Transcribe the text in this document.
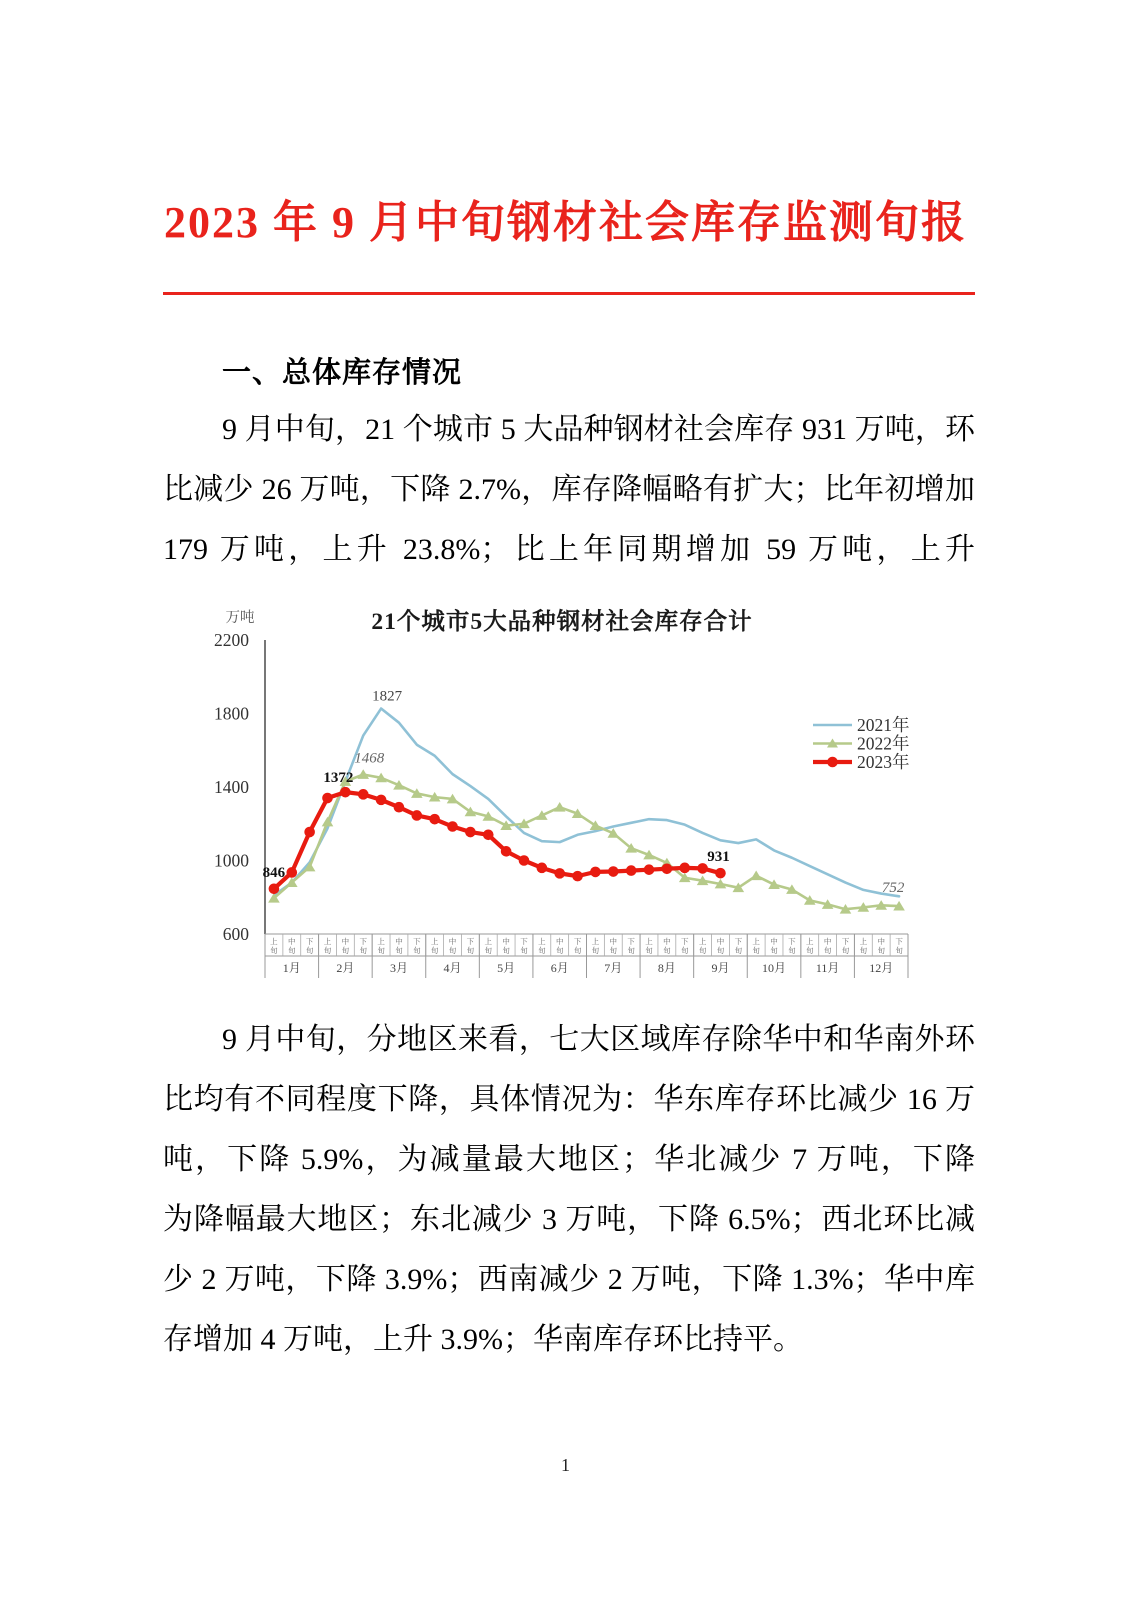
2023 年 9 月中旬钢材社会库存监测旬报
一、总体库存情况
9 月中旬，21 个城市 5 大品种钢材社会库存 931 万吨，环
比减少 26 万吨，下降 2.7%，库存降幅略有扩大；比年初增加
179 万吨，上升 23.8%；比上年同期增加 59 万吨，上升
21个城市5大品种钢材社会库存合计
万吨
2200
1800
1400
1000
600	上
旬
中
旬
下
旬
上
旬
中
旬
下
旬
上
旬
中
旬
下
旬
上
旬
中
旬
下
旬
上
旬
中
旬
下
旬
上
旬
中
旬
下
旬
上
旬
中
旬
下
旬
上
旬
中
旬
下
旬
上
旬
中
旬
下
旬
上
旬
中
旬
下
旬
上
旬
中
旬
下
旬
上
旬
中
旬
下
旬
1月	2月	3月	4月	5月	6月	7月	8月	9月	10月 11月 12月
846
1372
1468
1827
931
752
2021年
2022年
2023年
9 月中旬，分地区来看，七大区域库存除华中和华南外环
比均有不同程度下降，具体情况为：华东库存环比减少 16 万
吨，下降 5.9%，为减量最大地区；华北减少 7 万吨，下降
为降幅最大地区；东北减少 3 万吨，下降 6.5%；西北环比减
少 2 万吨，下降 3.9%；西南减少 2 万吨，下降 1.3%；华中库
存增加 4 万吨，上升 3.9%；华南库存环比持平。
1
